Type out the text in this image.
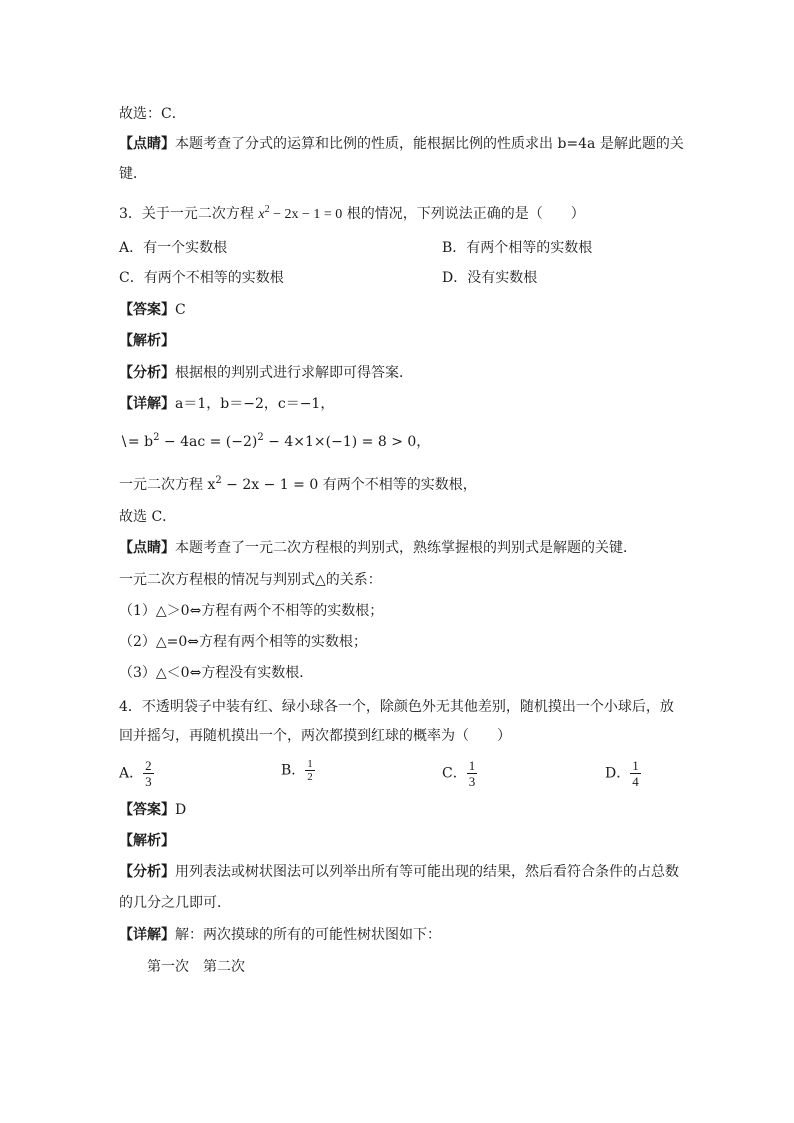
故选：C．
【点睛】本题考查了分式的运算和比例的性质，能根据比例的性质求出 b=4a 是解此题的关
键．
3．关于一元二次方程 $x^2 - 2x - 1 = 0$ 根的情况，下列说法正确的是（　　）
A．有一个实数根	B．有两个相等的实数根
C．有两个不相等的实数根	D．没有实数根
【答案】C
【解析】
【分析】根据根的判别式进行求解即可得答案．
【详解】a＝1，b＝−2，c＝−1，
∖= $b^2 - 4ac = (-2)^2 - 4\times 1\times(-1) = 8 > 0$，
一元二次方程 $x^2 - 2x - 1 = 0$ 有两个不相等的实数根，
故选 C．
【点睛】本题考查了一元二次方程根的判别式，熟练掌握根的判别式是解题的关键．
一元二次方程根的情况与判别式△的关系：
（1）△＞0⇔方程有两个不相等的实数根；
（2）△=0⇔方程有两个相等的实数根；
（3）△＜0⇔方程没有实数根．
4．不透明袋子中装有红、绿小球各一个，除颜色外无其他差别，随机摸出一个小球后，放
回并摇匀，再随机摸出一个，两次都摸到红球的概率为（　　）
A． $\frac{2}{3}$	B． $\frac{1}{2}$	C． $\frac{1}{3}$	D． $\frac{1}{4}$
【答案】D
【解析】
【分析】用列表法或树状图法可以列举出所有等可能出现的结果，然后看符合条件的占总数
的几分之几即可．
【详解】解：两次摸球的所有的可能性树状图如下：
第一次　第二次
